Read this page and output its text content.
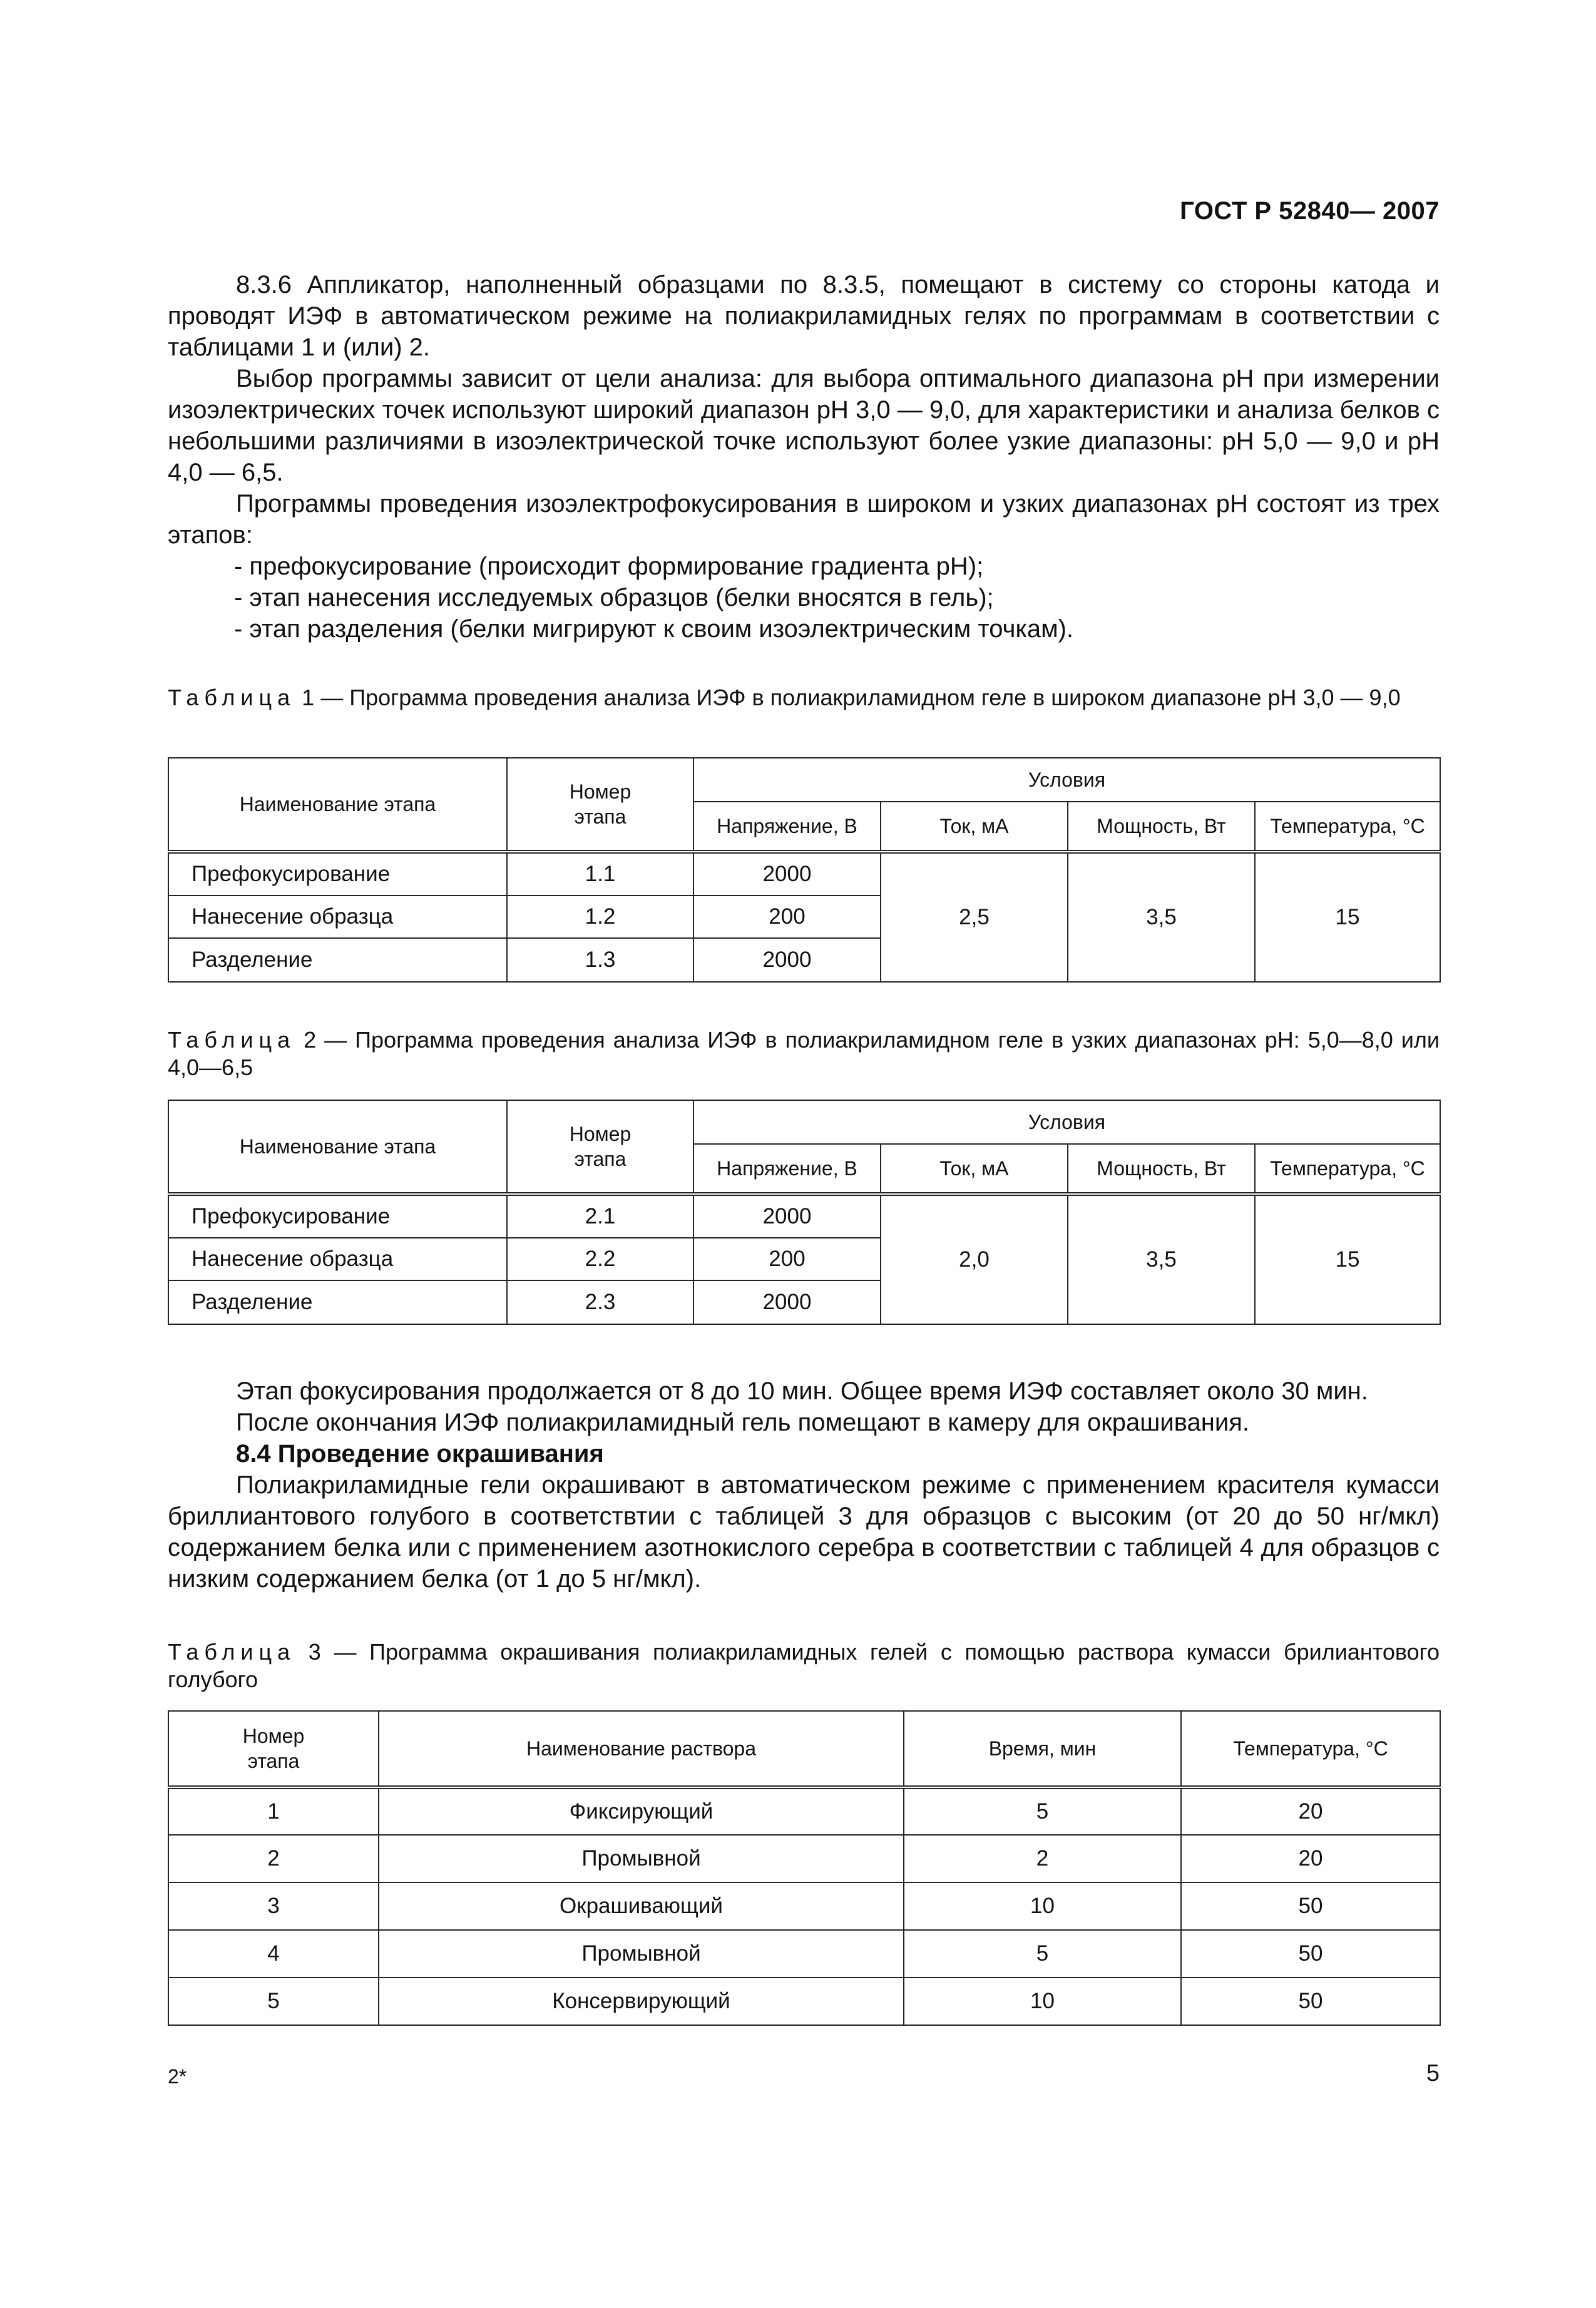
ГОСТ Р 52840— 2007

8.3.6 Аппликатор, наполненный образцами по 8.3.5, помещают в систему со стороны катода и проводят ИЭФ в автоматическом режиме на полиакриламидных гелях по программам в соответствии с таблицами 1 и (или) 2.

Выбор программы зависит от цели анализа: для выбора оптимального диапазона рН при измерении изоэлектрических точек используют широкий диапазон рН 3,0 — 9,0, для характеристики и анализа белков с небольшими различиями в изоэлектрической точке используют более узкие диапазоны: рН 5,0 — 9,0 и рН 4,0 — 6,5.

Программы проведения изоэлектрофокусирования в широком и узких диапазонах рН состоят из трех этапов:

- префокусирование (происходит формирование градиента рН);

- этап нанесения исследуемых образцов (белки вносятся в гель);

- этап разделения (белки мигрируют к своим изоэлектрическим точкам).

Таблица 1 — Программа проведения анализа ИЭФ в полиакриламидном геле в широком диапазоне рН 3,0 — 9,0
Наименование этапа	Номер этапа	Условия			
		Напряжение, В	Ток, мА	Мощность, Вт	Температура, °С
Префокусирование	1.1	2000	2,5	3,5	15
Нанесение образца	1.2	200			
Разделение	1.3	2000			
Таблица 2 — Программа проведения анализа ИЭФ в полиакриламидном геле в узких диапазонах рН: 5,0—8,0 или 4,0—6,5
Наименование этапа	Номер этапа	Условия			
		Напряжение, В	Ток, мА	Мощность, Вт	Температура, °С
Префокусирование	2.1	2000	2,0	3,5	15
Нанесение образца	2.2	200			
Разделение	2.3	2000			

Этап фокусирования продолжается от 8 до 10 мин. Общее время ИЭФ составляет около 30 мин.

После окончания ИЭФ полиакриламидный гель помещают в камеру для окрашивания.

8.4 Проведение окрашивания

Полиакриламидные гели окрашивают в автоматическом режиме с применением красителя кумасси бриллиантового голубого в соответствтии с таблицей 3 для образцов с высоким (от 20 до 50 нг/мкл) содержанием белка или с применением азотнокислого серебра в соответствии с таблицей 4 для образцов с низким содержанием белка (от 1 до 5 нг/мкл).

Таблица 3 — Программа окрашивания полиакриламидных гелей с помощью раствора кумасси брилиантового голубого
Номер этапа	Наименование раствора	Время, мин	Температура, °С
1	Фиксирующий	5	20
2	Промывной	2	20
3	Окрашивающий	10	50
4	Промывной	5	50
5	Консервирующий	10	50
2*	5
